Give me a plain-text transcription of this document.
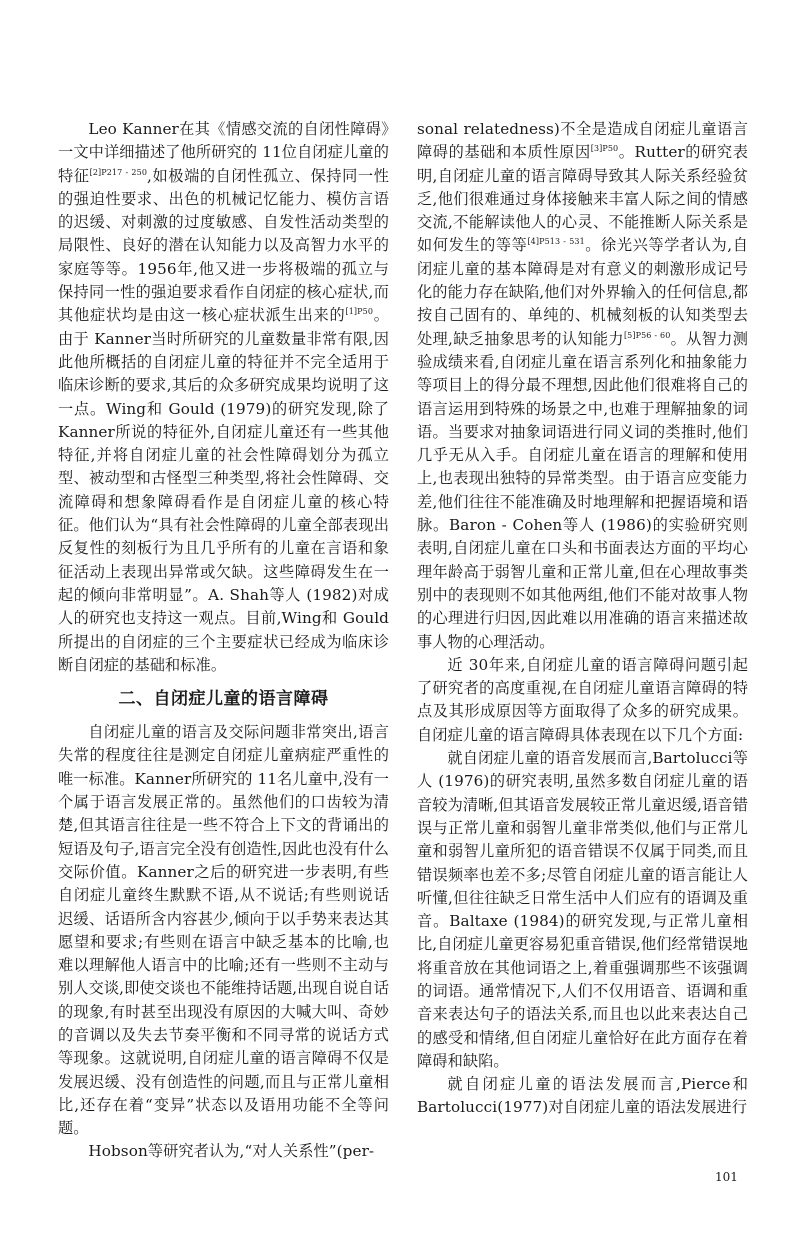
Leo Kanner在其《情感交流的自闭性障碍》一文中详细描述了他所研究的 11位自闭症儿童的特征$^{[2]P217 - 250}$,如极端的自闭性孤立、保持同一性的强迫性要求、出色的机械记忆能力、模仿言语的迟缓、对刺激的过度敏感、自发性活动类型的局限性、良好的潜在认知能力以及高智力水平的家庭等等。1956年,他又进一步将极端的孤立与保持同一性的强迫要求看作自闭症的核心症状,而其他症状均是由这一核心症状派生出来的$^{[1]P50}$。由于 Kanner当时所研究的儿童数量非常有限,因此他所概括的自闭症儿童的特征并不完全适用于临床诊断的要求,其后的众多研究成果均说明了这一点。Wing和 Gould (1979)的研究发现,除了 Kanner所说的特征外,自闭症儿童还有一些其他特征,并将自闭症儿童的社会性障碍划分为孤立型、被动型和古怪型三种类型,将社会性障碍、交流障碍和想象障碍看作是自闭症儿童的核心特征。他们认为“具有社会性障碍的儿童全部表现出反复性的刻板行为且几乎所有的儿童在言语和象征活动上表现出异常或欠缺。这些障碍发生在一起的倾向非常明显”。A. Shah等人 (1982)对成人的研究也支持这一观点。目前,Wing和 Gould所提出的自闭症的三个主要症状已经成为临床诊断自闭症的基础和标准。

二、自闭症儿童的语言障碍

自闭症儿童的语言及交际问题非常突出,语言失常的程度往往是测定自闭症儿童病症严重性的唯一标准。Kanner所研究的 11名儿童中,没有一个属于语言发展正常的。虽然他们的口齿较为清楚,但其语言往往是一些不符合上下文的背诵出的短语及句子,语言完全没有创造性,因此也没有什么交际价值。Kanner之后的研究进一步表明,有些自闭症儿童终生默默不语,从不说话;有些则说话迟缓、话语所含内容甚少,倾向于以手势来表达其愿望和要求;有些则在语言中缺乏基本的比喻,也难以理解他人语言中的比喻;还有一些则不主动与别人交谈,即使交谈也不能维持话题,出现自说自话的现象,有时甚至出现没有原因的大喊大叫、奇妙的音调以及失去节奏平衡和不同寻常的说话方式等现象。这就说明,自闭症儿童的语言障碍不仅是发展迟缓、没有创造性的问题,而且与正常儿童相比,还存在着“变异”状态以及语用功能不全等问题。

Hobson等研究者认为,“对人关系性”(per-

sonal relatedness)不全是造成自闭症儿童语言障碍的基础和本质性原因$^{[3]P50}$。Rutter的研究表明,自闭症儿童的语言障碍导致其人际关系经验贫乏,他们很难通过身体接触来丰富人际之间的情感交流,不能解读他人的心灵、不能推断人际关系是如何发生的等等$^{[4]P513 - 531}$。徐光兴等学者认为,自闭症儿童的基本障碍是对有意义的刺激形成记号化的能力存在缺陷,他们对外界输入的任何信息,都按自己固有的、单纯的、机械刻板的认知类型去处理,缺乏抽象思考的认知能力$^{[5]P56 - 60}$。从智力测验成绩来看,自闭症儿童在语言系列化和抽象能力等项目上的得分最不理想,因此他们很难将自己的语言运用到特殊的场景之中,也难于理解抽象的词语。当要求对抽象词语进行同义词的类推时,他们几乎无从入手。自闭症儿童在语言的理解和使用上,也表现出独特的异常类型。由于语言应变能力差,他们往往不能准确及时地理解和把握语境和语脉。Baron - Cohen等人 (1986)的实验研究则表明,自闭症儿童在口头和书面表达方面的平均心理年龄高于弱智儿童和正常儿童,但在心理故事类别中的表现则不如其他两组,他们不能对故事人物的心理进行归因,因此难以用准确的语言来描述故事人物的心理活动。

近 30年来,自闭症儿童的语言障碍问题引起了研究者的高度重视,在自闭症儿童语言障碍的特点及其形成原因等方面取得了众多的研究成果。自闭症儿童的语言障碍具体表现在以下几个方面:

就自闭症儿童的语音发展而言,Bartolucci等人 (1976)的研究表明,虽然多数自闭症儿童的语音较为清晰,但其语音发展较正常儿童迟缓,语音错误与正常儿童和弱智儿童非常类似,他们与正常儿童和弱智儿童所犯的语音错误不仅属于同类,而且错误频率也差不多;尽管自闭症儿童的语言能让人听懂,但往往缺乏日常生活中人们应有的语调及重音。Baltaxe (1984)的研究发现,与正常儿童相比,自闭症儿童更容易犯重音错误,他们经常错误地将重音放在其他词语之上,着重强调那些不该强调的词语。通常情况下,人们不仅用语音、语调和重音来表达句子的语法关系,而且也以此来表达自己的感受和情绪,但自闭症儿童恰好在此方面存在着障碍和缺陷。

就自闭症儿童的语法发展而言,Pierce和 Bartolucci(1977)对自闭症儿童的语法发展进行

101
